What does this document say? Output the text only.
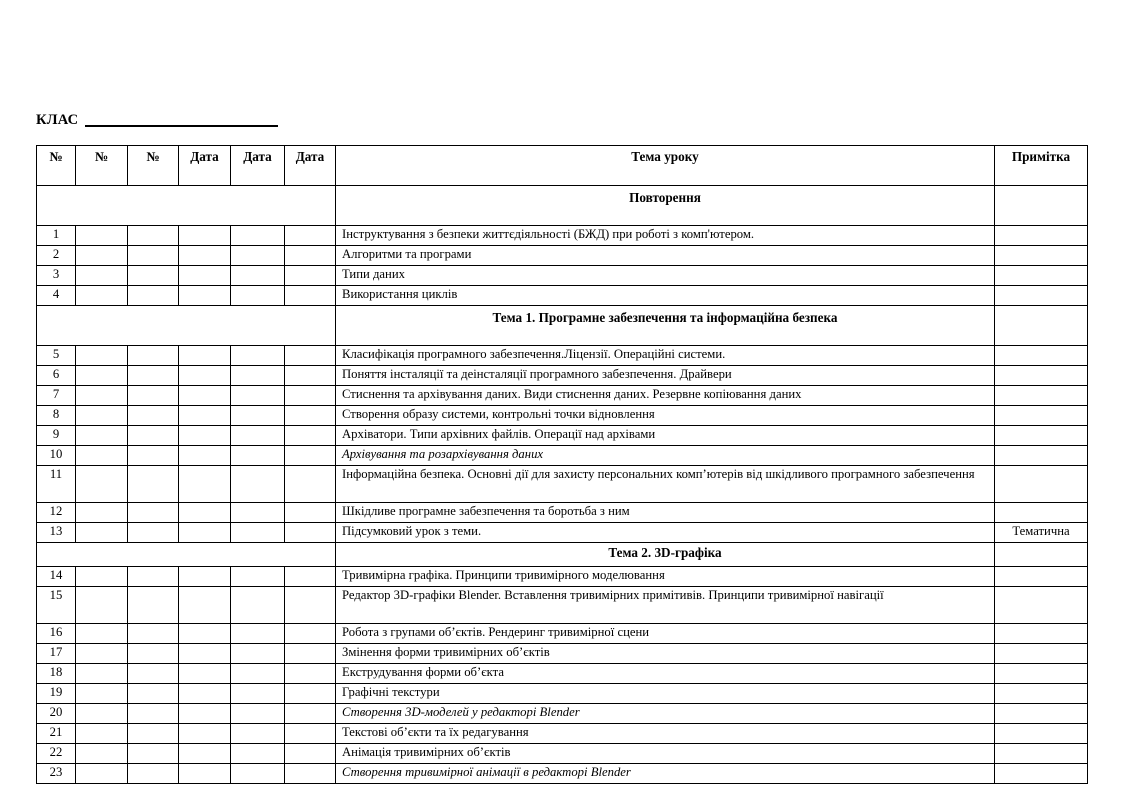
КЛАС
№	№	№	Дата	Дата	Дата	Тема уроку	Примітка
						Повторення	
1						Інструктування з безпеки життєдіяльності (БЖД) при роботі з комп'ютером.	
2						Алгоритми та програми	
3						Типи даних	
4						Використання циклів	
						Тема 1. Програмне забезпечення та інформаційна безпека	
5						Класифікація програмного забезпечення.Ліцензії. Операційні системи.	
6						Поняття інсталяції та деінсталяції програмного забезпечення. Драйвери	
7						Стиснення та архівування даних. Види стиснення даних. Резервне копіювання даних	
8						Створення образу системи, контрольні точки відновлення	
9						Архіватори. Типи архівних файлів. Операції над архівами	
10						Архівування та розархівування даних	
11						Інформаційна безпека. Основні дії для захисту персональних комп’ютерів від шкідливого програмного забезпечення	
12						Шкідливе програмне забезпечення та боротьба з ним	
13						Підсумковий урок з теми.	Тематична
						Тема 2. 3D-графіка	
14						Тривимірна графіка. Принципи тривимірного моделювання	
15						Редактор 3D-графіки Blender. Вставлення тривимірних примітивів. Принципи тривимірної навігації	
16						Робота з групами об’єктів. Рендеринг тривимірної сцени	
17						Змінення форми тривимірних об’єктів	
18						Екструдування форми об’єкта	
19						Графічні текстури	
20						Створення 3D-моделей у редакторі Blender	
21						Текстові об’єкти та їх редагування	
22						Анімація тривимірних об’єктів	
23						Створення тривимірної анімації в редакторі Blender	
